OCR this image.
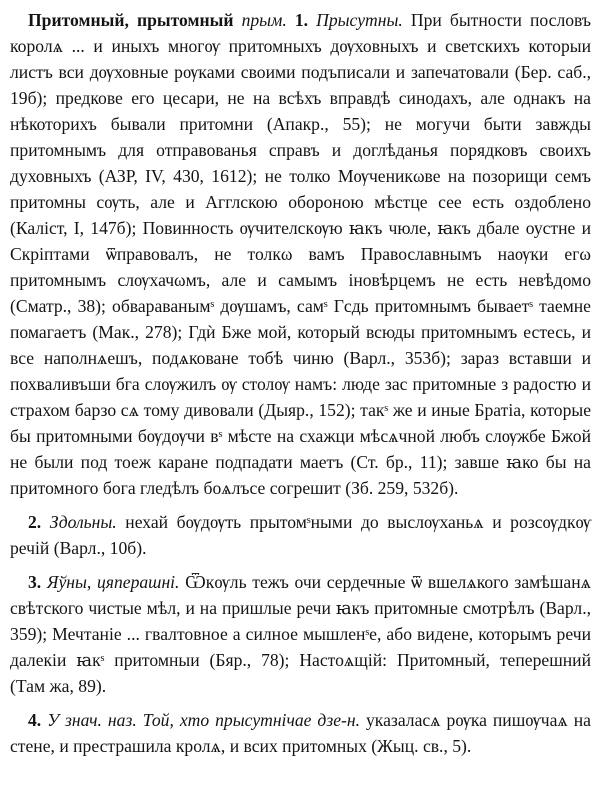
Притомный, прытомный прым. 1. Прысутны. При бытности пословъ королѧ ... и иныхъ многѹ притомныхъ дѹховныхъ и светскихъ которыи листъ вси дѹховные рѹками своими подъписали и запечатовали (Бер. саб., 19б); предкове его цесари, не на всѣхъ вправдѣ синодахъ, але однакъ на нѣкоторихъ бывали притомни (Апакр., 55); не могучи быти завжды притомнымъ для отправованья справъ и доглѣданья порядковъ своихъ духовныхъ (АЗР, IV, 430, 1612); не толко Мѹченикωве на позорищи семъ притомны сѹть, але и Агглскою обороною мѣстце сее есть оздоблено (Каліст, I, 147б); Повинность ѹчителскѹю ꙗкъ чюле, ꙗкъ дбале оустне и Скріптами ѿправовалъ, не толкω вамъ Православнымъ наѹки егω притомнымъ слѹхачωмъ, але и самымъ іновѣрцемъ не есть невѣдомо (Сматр., 38); обвараванымˢ дѹшамъ, самˢ Гсдь притомнымъ бываетˢ таемне помагаетъ (Мак., 278); Гдѝ Бже мой, который всюды притомнымъ естесь, и все наполнѧешъ, подѧковане тобѣ чиню (Варл., 353б); зараз вставши и похваливъши бга слѹжилъ ѹ столѹ намъ: люде зас притомные з радостю и страхом барзо сѧ тому дивовали (Дыяр., 152); такˢ же и иные Братіа, которые бы притомными бѹдѹчи вˢ мѣсте на схажци мѣсѧчной любъ слѹжбе Бжой не были под тоеж каране подпадати маетъ (Ст. бр., 11); завше ꙗко бы на притомного бога гледѣлъ боѧлъсе согрешит (Зб. 259, 532б).

2. Здольны. нехай бѹдѹть прытомˢными до выслѹханьѧ и розсѹдкѹ речій (Варл., 10б).

3. Яўны, цяперашні. Ѿкѹль тежъ очи сердечные ѿ вшелѧкого замѣшанѧ свѣтского чистые мѣл, и на пришлые речи ꙗкъ притомные смотрѣлъ (Варл., 359); Мечтаніе ... гвалтовное а силное мышленˢе, або видене, которымъ речи далекіи ꙗкˢ притомныи (Бяр., 78); Настоѧщій: Притомный, теперешний (Там жа, 89).

4. У знач. наз. Той, хто прысутнічае дзе-н. указаласѧ рѹка пишѹчаѧ на стене, и престрашила кролѧ, и всих притомных (Жыц. св., 5).
